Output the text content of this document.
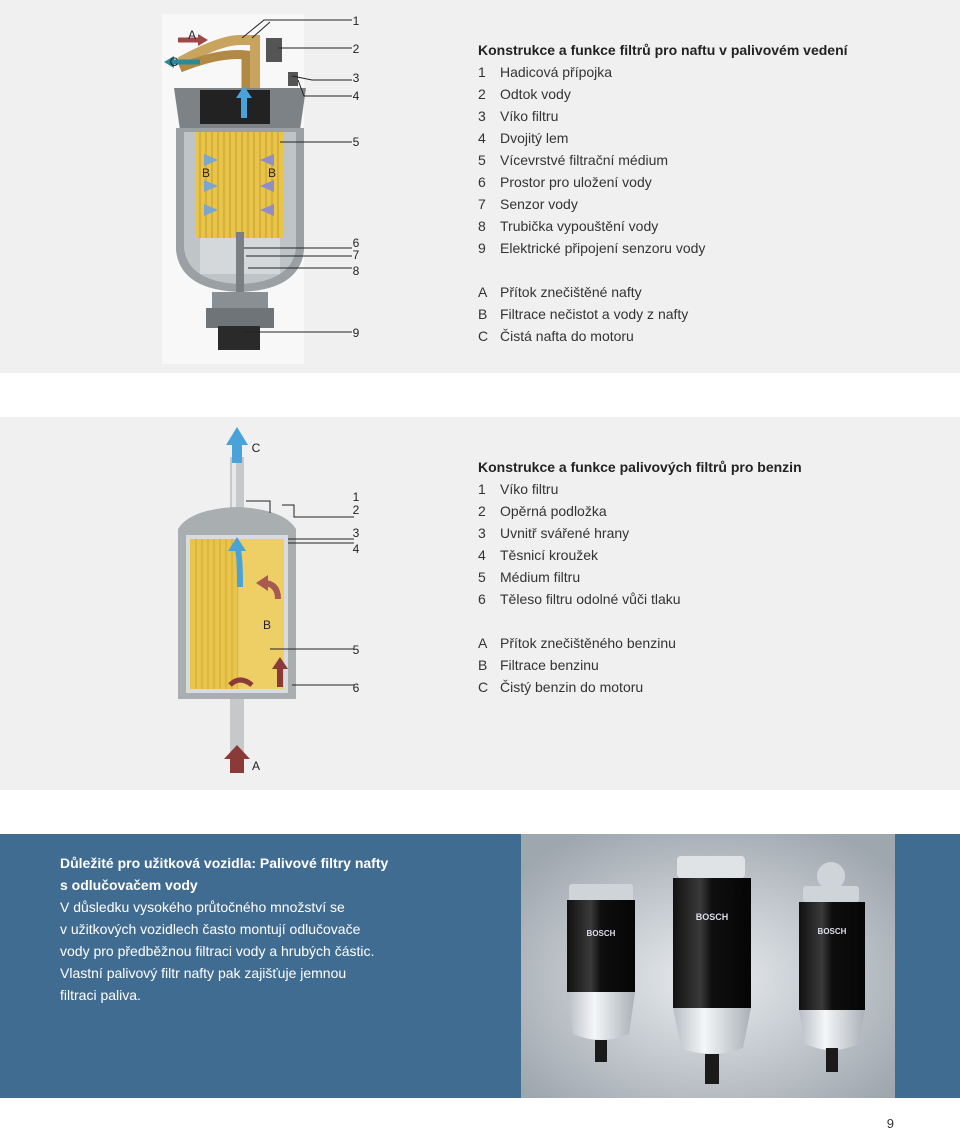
1
2
3
4
5
6
7
8
9
A
C
B	B
Konstrukce a funkce filtrů pro naftu v palivovém vedení
1	Hadicová přípojka
2	Odtok vody
3	Víko filtru
4	Dvojitý lem
5	Vícevrstvé filtrační médium
6	Prostor pro uložení vody
7	Senzor vody
8	Trubička vypouštění vody
9	Elektrické připojení senzoru vody
A Přítok znečištěné nafty
B Filtrace nečistot a vody z nafty
C Čistá nafta do motoru
1
2
3
4
5
6
C
B
A
Konstrukce a funkce palivových filtrů pro benzin
1	Víko filtru
2	Opěrná podložka
3	Uvnitř svářené hrany
4	Těsnicí kroužek
5	Médium filtru
6	Těleso filtru odolné vůči tlaku
A Přítok znečištěného benzinu
B Filtrace benzinu
C Čistý benzin do motoru
Důležité pro užitková vozidla: Palivové filtry nafty
s odlučovačem vody
V důsledku vysokého průtočného množství se
v užitkových vozidlech často montují odlučovače
vody pro předběžnou filtraci vody a hrubých částic.
Vlastní palivový filtr nafty pak zajišťuje jemnou
filtraci paliva.
BOSCH
BOSCH
BOSCH
9
